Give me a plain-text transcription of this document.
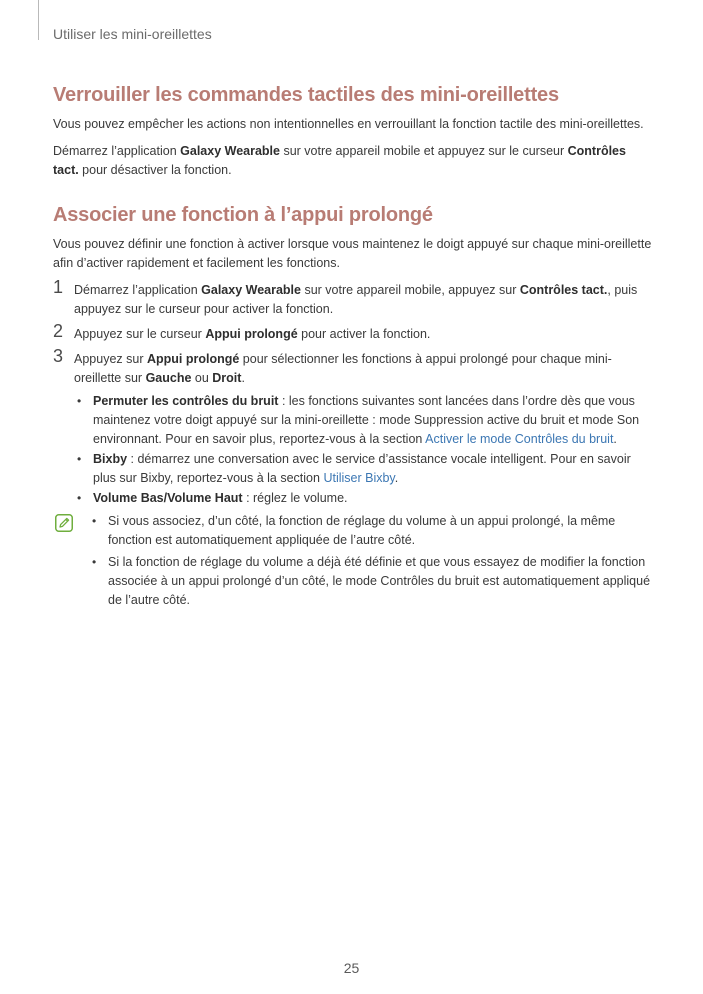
Utiliser les mini-oreillettes
Verrouiller les commandes tactiles des mini-oreillettes

Vous pouvez empêcher les actions non intentionnelles en verrouillant la fonction tactile des mini-oreillettes.

Démarrez l’application Galaxy Wearable sur votre appareil mobile et appuyez sur le curseur Contrôles tact. pour désactiver la fonction.

Associer une fonction à l’appui prolongé

Vous pouvez définir une fonction à activer lorsque vous maintenez le doigt appuyé sur chaque mini-oreillette afin d’activer rapidement et facilement les fonctions.

1 Démarrez l’application Galaxy Wearable sur votre appareil mobile, appuyez sur Contrôles tact., puis appuyez sur le curseur pour activer la fonction.
2 Appuyez sur le curseur Appui prolongé pour activer la fonction.
3 Appuyez sur Appui prolongé pour sélectionner les fonctions à appui prolongé pour chaque mini-oreillette sur Gauche ou Droit.
• Permuter les contrôles du bruit : les fonctions suivantes sont lancées dans l’ordre dès que vous maintenez votre doigt appuyé sur la mini-oreillette : mode Suppression active du bruit et mode Son environnant. Pour en savoir plus, reportez-vous à la section Activer le mode Contrôles du bruit.
• Bixby : démarrez une conversation avec le service d’assistance vocale intelligent. Pour en savoir plus sur Bixby, reportez-vous à la section Utiliser Bixby.
• Volume Bas/Volume Haut : réglez le volume.
• Si vous associez, d’un côté, la fonction de réglage du volume à un appui prolongé, la même fonction est automatiquement appliquée de l’autre côté.
• Si la fonction de réglage du volume a déjà été définie et que vous essayez de modifier la fonction associée à un appui prolongé d’un côté, le mode Contrôles du bruit est automatiquement appliqué de l’autre côté.
25
